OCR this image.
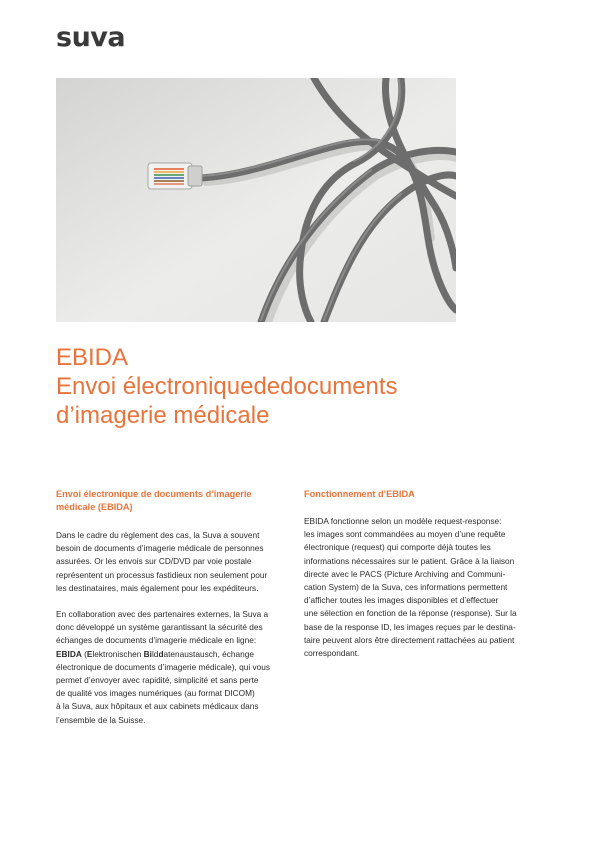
suva
EBIDA
Envoi électroniquededocuments
d’imagerie médicale
Envoi électronique de documents d’imagerie
médicale (EBIDA)

Dans le cadre du règlement des cas, la Suva a souvent
besoin de documents d’imagerie médicale de personnes
assurées. Or les envois sur CD/DVD par voie postale
représentent un processus fastidieux non seulement pour
les destinataires, mais également pour les expéditeurs.

En collaboration avec des partenaires externes, la Suva a
donc développé un système garantissant la sécurité des
échanges de documents d’imagerie médicale en ligne:
EBIDA (Elektronischen Bilddatenaustausch, échange
électronique de documents d’imagerie médicale), qui vous
permet d’envoyer avec rapidité, simplicité et sans perte
de qualité vos images numériques (au format DICOM)
à la Suva, aux hôpitaux et aux cabinets médicaux dans
l’ensemble de la Suisse.

Fonctionnement d’EBIDA

EBIDA fonctionne selon un modèle request-response:
les images sont commandées au moyen d’une requête
électronique (request) qui comporte déjà toutes les
informations nécessaires sur le patient. Grâce à la liaison
directe avec le PACS (Picture Archiving and Communi-
cation System) de la Suva, ces informations permettent
d’afficher toutes les images disponibles et d’effectuer
une sélection en fonction de la réponse (response). Sur la
base de la response ID, les images reçues par le destina-
taire peuvent alors être directement rattachées au patient
correspondant.
